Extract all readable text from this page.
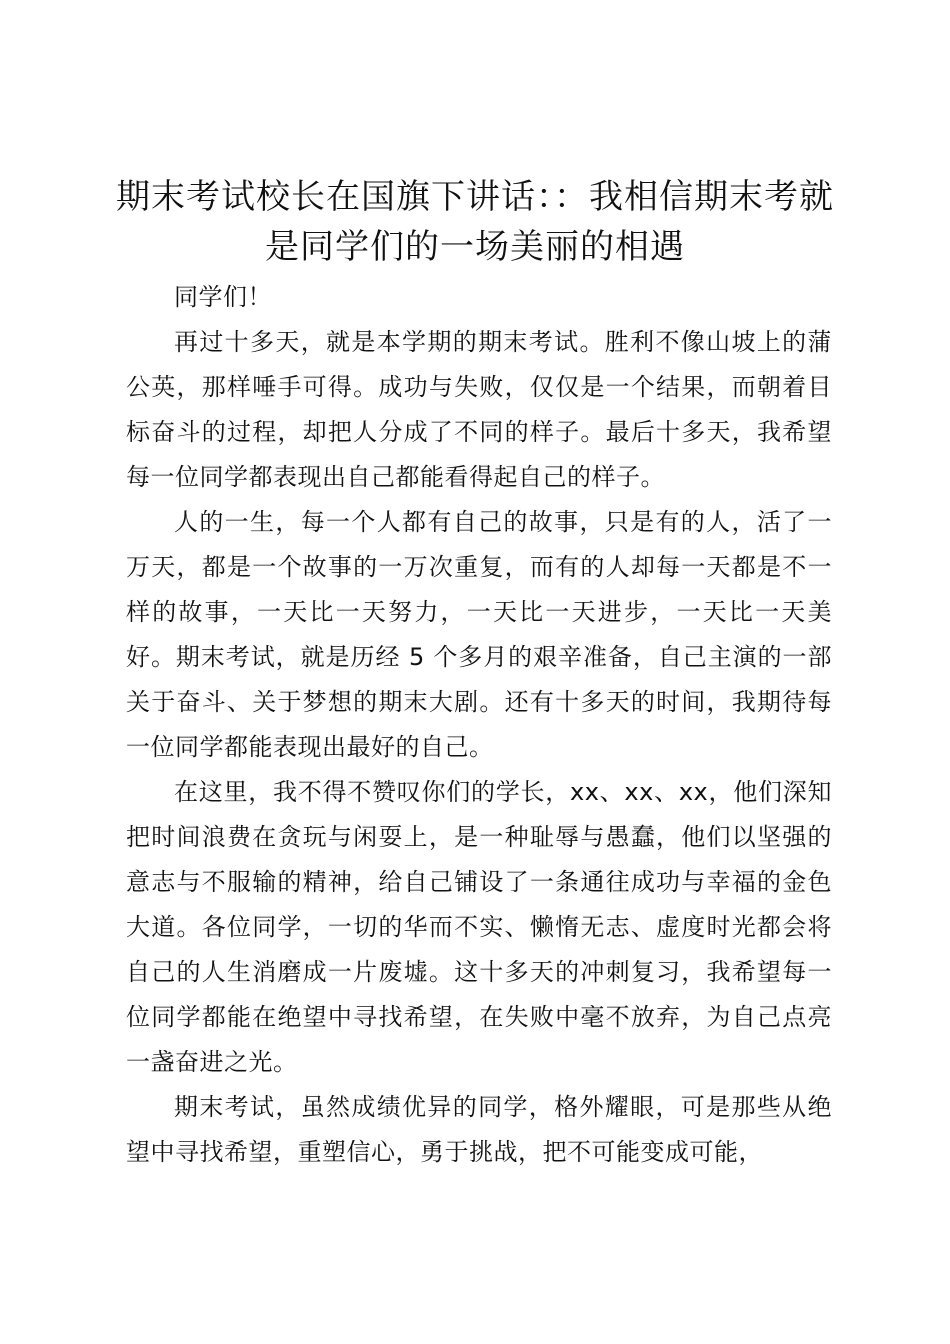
期末考试校长在国旗下讲话：：我相信期末考就是同学们的一场美丽的相遇

同学们！

再过十多天，就是本学期的期末考试。胜利不像山坡上的蒲公英，那样唾手可得。成功与失败，仅仅是一个结果，而朝着目标奋斗的过程，却把人分成了不同的样子。最后十多天，我希望每一位同学都表现出自己都能看得起自己的样子。

人的一生，每一个人都有自己的故事，只是有的人，活了一万天，都是一个故事的一万次重复，而有的人却每一天都是不一样的故事，一天比一天努力，一天比一天进步，一天比一天美好。期末考试，就是历经 5 个多月的艰辛准备，自己主演的一部关于奋斗、关于梦想的期末大剧。还有十多天的时间，我期待每一位同学都能表现出最好的自己。

在这里，我不得不赞叹你们的学长，xx、xx、xx，他们深知把时间浪费在贪玩与闲耍上，是一种耻辱与愚蠢，他们以坚强的意志与不服输的精神，给自己铺设了一条通往成功与幸福的金色大道。各位同学，一切的华而不实、懒惰无志、虚度时光都会将自己的人生消磨成一片废墟。这十多天的冲刺复习，我希望每一位同学都能在绝望中寻找希望，在失败中毫不放弃，为自己点亮一盏奋进之光。

期末考试，虽然成绩优异的同学，格外耀眼，可是那些从绝望中寻找希望，重塑信心，勇于挑战，把不可能变成可能，
